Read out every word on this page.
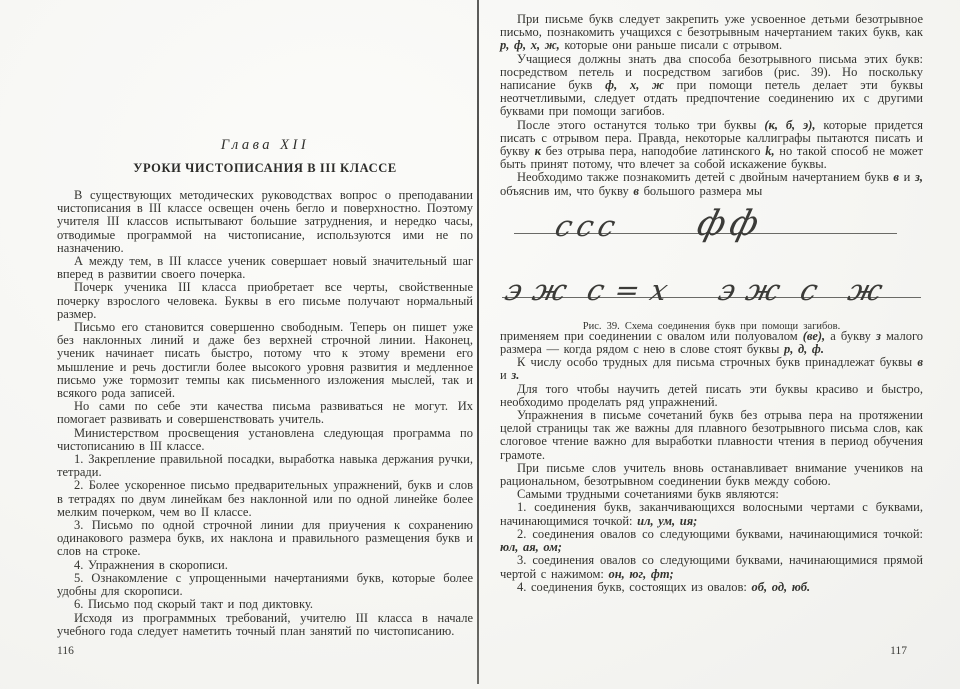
Глава XII
УРОКИ ЧИСТОПИСАНИЯ В III КЛАССЕ

В существующих методических руководствах вопрос о преподавании чистописания в III классе освещен очень бегло и поверхностно. Поэтому учителя III классов испытывают большие затруднения, и нередко часы, отводимые программой на чистописание, используются ими не по назначению.

А между тем, в III классе ученик совершает новый значительный шаг вперед в развитии своего почерка.

Почерк ученика III класса приобретает все черты, свойственные почерку взрослого человека. Буквы в его письме получают нормальный размер.

Письмо его становится совершенно свободным. Теперь он пишет уже без наклонных линий и даже без верхней строчной линии. Наконец, ученик начинает писать быстро, потому что к этому времени его мышление и речь достигли более высокого уровня развития и медленное письмо уже тормозит темпы как письменного изложения мыслей, так и всякого рода записей.

Но сами по себе эти качества письма развиваться не могут. Их помогает развивать и совершенствовать учитель.

Министерством просвещения установлена следующая программа по чистописанию в III классе.

1. Закрепление правильной посадки, выработка навыка держания ручки, тетради.

2. Более ускоренное письмо предварительных упражнений, букв и слов в тетрадях по двум линейкам без наклонной или по одной линейке более мелким почерком, чем во II классе.

3. Письмо по одной строчной линии для приучения к сохранению одинакового размера букв, их наклона и правильного размещения букв и слов на строке.

4. Упражнения в скорописи.

5. Ознакомление с упрощенными начертаниями букв, которые более удобны для скорописи.

6. Письмо под скорый такт и под диктовку.

Исходя из программных требований, учителю III класса в начале учебного года следует наметить точный план занятий по чистописанию.

116

При письме букв следует закрепить уже усвоенное детьми безотрывное письмо, познакомить учащихся с безотрывным начертанием таких букв, как р, ф, х, ж, которые они раньше писали с отрывом.

Учащиеся должны знать два способа безотрывного письма этих букв: посредством петель и посредством загибов (рис. 39). Но поскольку написание букв ф, х, ж при помощи петель делает эти буквы неотчетливыми, следует отдать предпочтение соединению их с другими буквами при помощи загибов.

После этого останутся только три буквы (к, б, э), которые придется писать с отрывом пера. Правда, некоторые каллиграфы пытаются писать и букву к без отрыва пера, наподобие латинского k, но такой способ не может быть принят потому, что влечет за собой искажение буквы.

Необходимо также познакомить детей с двойным начертанием букв в и з, объяснив им, что букву в большого размера мы

ссс фф
э ж  с = х     э ж  с   ж
Рис. 39. Схема соединения букв при помощи загибов.

применяем при соединении с овалом или полуовалом (ве), а букву з малого размера — когда рядом с нею в слове стоят буквы р, д, ф.

К числу особо трудных для письма строчных букв принадлежат буквы в и з.

Для того чтобы научить детей писать эти буквы красиво и быстро, необходимо проделать ряд упражнений.

Упражнения в письме сочетаний букв без отрыва пера на протяжении целой страницы так же важны для плавного безотрывного письма слов, как слоговое чтение важно для выработки плавности чтения в период обучения грамоте.

При письме слов учитель вновь останавливает внимание учеников на рациональном, безотрывном соединении букв между собою.

Самыми трудными сочетаниями букв являются:

1. соединения букв, заканчивающихся волосными чертами с буквами, начинающимися точкой: ил, ум, ия;

2. соединения овалов со следующими буквами, начинающимися точкой: юл, ая, ом;

3. соединения овалов со следующими буквами, начинающимися прямой чертой с нажимом: он, юг, фт;

4. соединения букв, состоящих из овалов: об, од, юб.

117
